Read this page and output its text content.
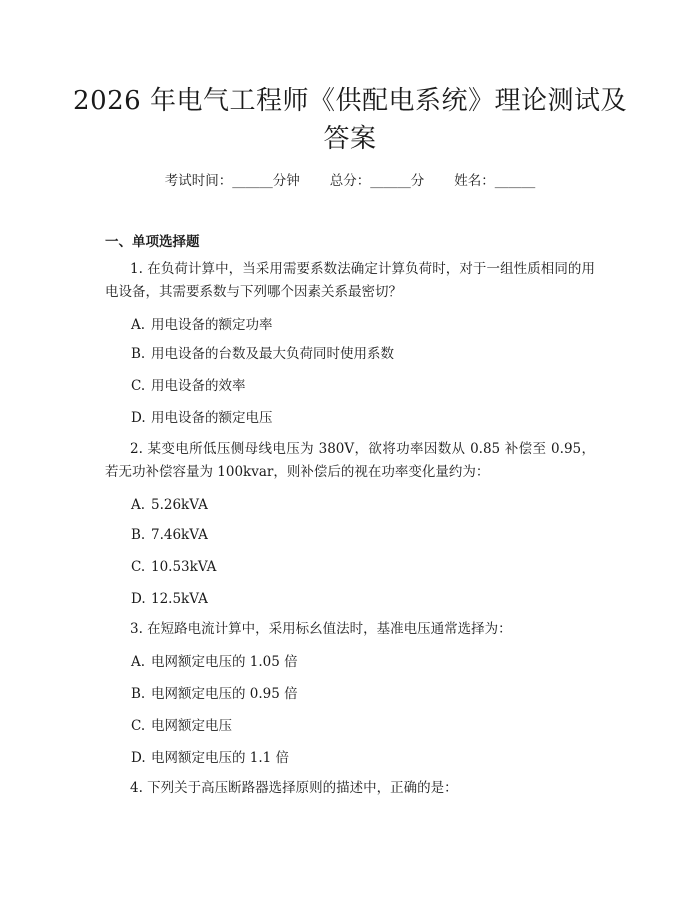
2026 年电气工程师《供配电系统》理论测试及答案
考试时间：______分钟 总分：______分 姓名：______
一、单项选择题
1. 在负荷计算中，当采用需要系数法确定计算负荷时，对于一组性质相同的用电设备，其需要系数与下列哪个因素关系最密切？
A. 用电设备的额定功率
B. 用电设备的台数及最大负荷同时使用系数
C. 用电设备的效率
D. 用电设备的额定电压
2. 某变电所低压侧母线电压为 380V，欲将功率因数从 0.85 补偿至 0.95，若无功补偿容量为 100kvar，则补偿后的视在功率变化量约为：
A. 5.26kVA
B. 7.46kVA
C. 10.53kVA
D. 12.5kVA
3. 在短路电流计算中，采用标幺值法时，基准电压通常选择为：
A. 电网额定电压的 1.05 倍
B. 电网额定电压的 0.95 倍
C. 电网额定电压
D. 电网额定电压的 1.1 倍
4. 下列关于高压断路器选择原则的描述中，正确的是：
